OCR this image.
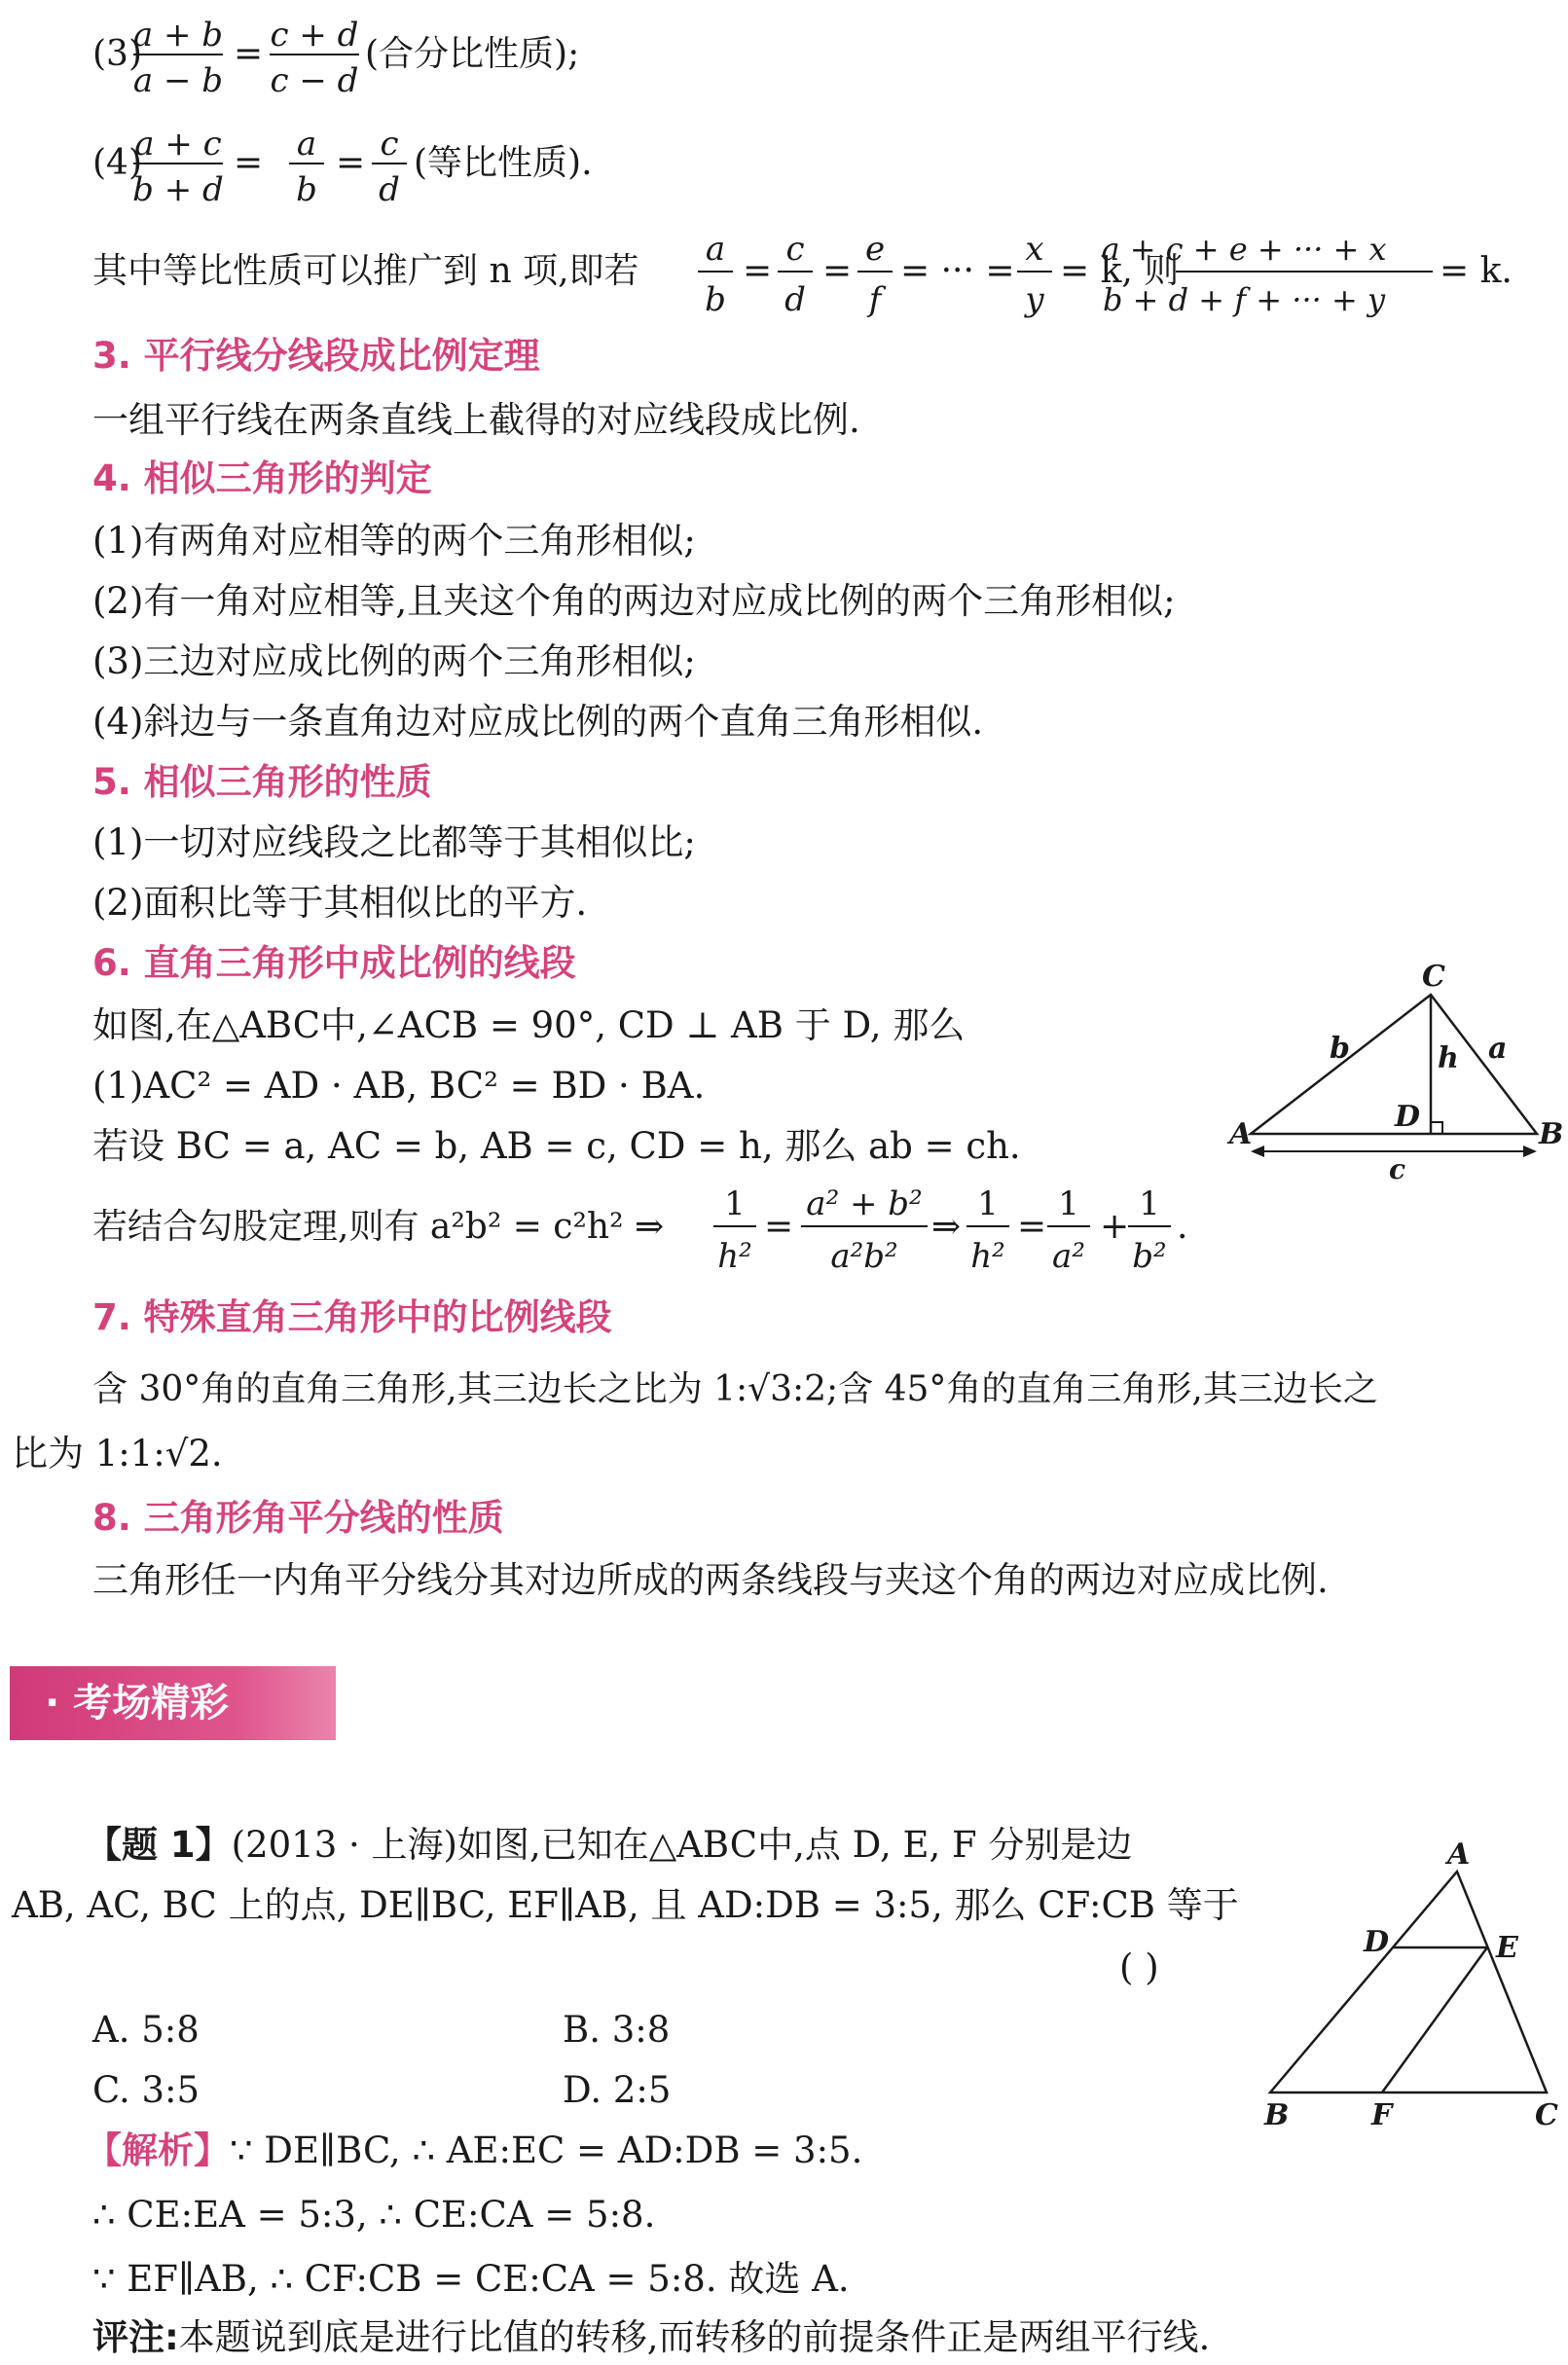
(3)
a + b
a − b
= c + d
c − d
(合分比性质);
(4)
a + c
b + d
= a
b
= c
d
(等比性质).
其中等比性质可以推广到 n 项,即若
a
b
=
c
d
=
e
f
= ··· =
x
y
= k, 则
a + c + e + ··· + x
b + d + f + ··· + y
= k.
3. 平行线分线段成比例定理
一组平行线在两条直线上截得的对应线段成比例.
4. 相似三角形的判定
(1)有两角对应相等的两个三角形相似;
(2)有一角对应相等,且夹这个角的两边对应成比例的两个三角形相似;
(3)三边对应成比例的两个三角形相似;
(4)斜边与一条直角边对应成比例的两个直角三角形相似.
5. 相似三角形的性质
(1)一切对应线段之比都等于其相似比;
(2)面积比等于其相似比的平方.
6. 直角三角形中成比例的线段
如图,在△ABC中,∠ACB = 90°, CD ⊥ AB 于 D, 那么
(1)AC² = AD · AB, BC² = BD · BA.
若设 BC = a, AC = b, AB = c, CD = h, 那么 ab = ch.
若结合勾股定理,则有 a²b² = c²h² ⇒
1
h²
=
a² + b²
a²b²
⇒
1
h²
=
1
a²
+
1
b²
.
C
A	B
D
b	h a
c
7. 特殊直角三角形中的比例线段
含 30°角的直角三角形,其三边长之比为 1:√3:2;含 45°角的直角三角形,其三边长之
比为 1:1:√2.
8. 三角形角平分线的性质
三角形任一内角平分线分其对边所成的两条线段与夹这个角的两边对应成比例.
· 考场精彩
【题 1】(2013 · 上海)如图,已知在△ABC中,点 D, E, F 分别是边
AB, AC, BC 上的点, DE∥BC, EF∥AB, 且 AD:DB = 3:5, 那么 CF:CB 等于
( )
A. 5:8	B. 3:8
C. 3:5	D. 2:5
【解析】∵ DE∥BC, ∴ AE:EC = AD:DB = 3:5.
∴ CE:EA = 5:3, ∴ CE:CA = 5:8.
∵ EF∥AB, ∴ CF:CB = CE:CA = 5:8. 故选 A.
评注:本题说到底是进行比值的转移,而转移的前提条件正是两组平行线.
A
D	E
B	F	C
